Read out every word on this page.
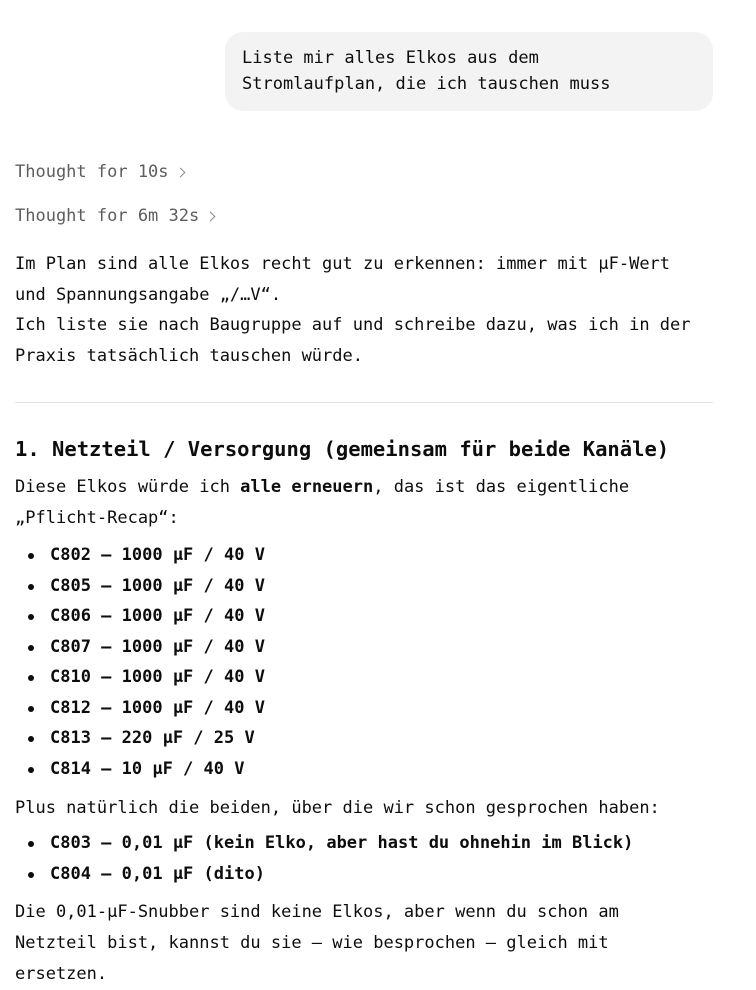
Liste mir alles Elkos aus dem
Stromlaufplan, die ich tauschen muss
Thought for 10s

Thought for 6m 32s

Im Plan sind alle Elkos recht gut zu erkennen: immer mit µF-Wert

und Spannungsangabe „/…V“.

Ich liste sie nach Baugruppe auf und schreibe dazu, was ich in der

Praxis tatsächlich tauschen würde.

1. Netzteil / Versorgung (gemeinsam für beide Kanäle)

Diese Elkos würde ich alle erneuern, das ist das eigentliche
„Pflicht-Recap“:

C802 – 1000 µF / 40 V
C805 – 1000 µF / 40 V
C806 – 1000 µF / 40 V
C807 – 1000 µF / 40 V
C810 – 1000 µF / 40 V
C812 – 1000 µF / 40 V
C813 – 220 µF / 25 V
C814 – 10 µF / 40 V

Plus natürlich die beiden, über die wir schon gesprochen haben:

C803 – 0,01 µF (kein Elko, aber hast du ohnehin im Blick)
C804 – 0,01 µF (dito)

Die 0,01-µF-Snubber sind keine Elkos, aber wenn du schon am
Netzteil bist, kannst du sie – wie besprochen – gleich mit
ersetzen.
